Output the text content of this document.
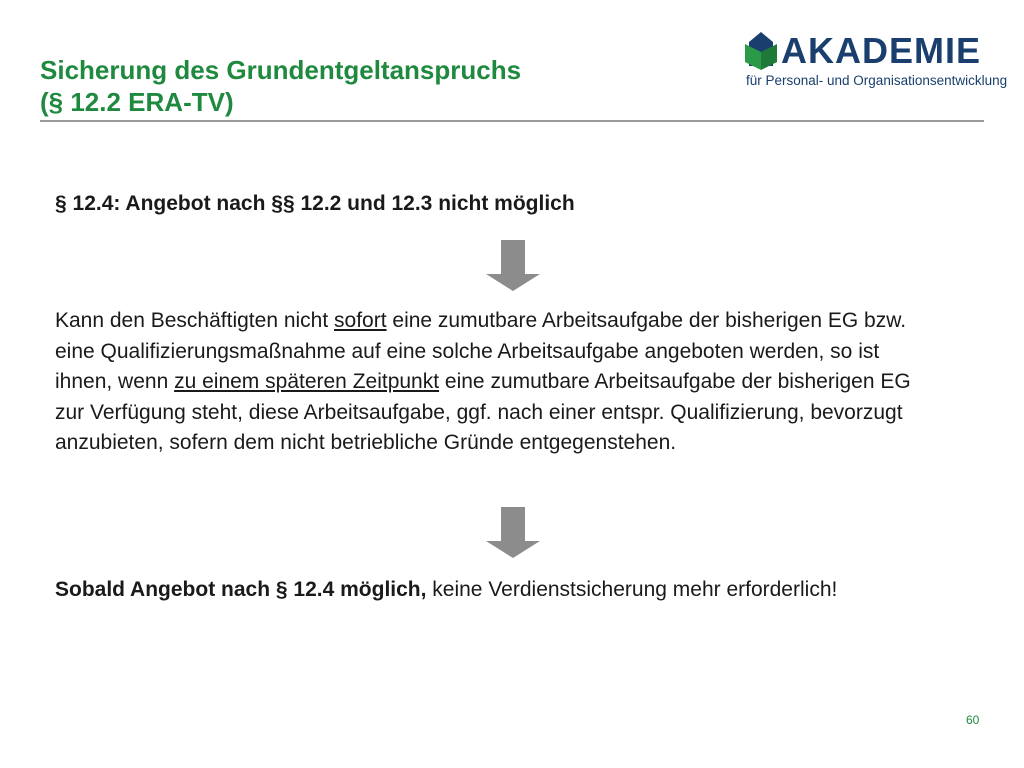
Sicherung des Grundentgeltanspruchs
(§ 12.2 ERA-TV)
AKADEMIE
für Personal- und Organisationsentwicklung

§ 12.4: Angebot nach §§ 12.2 und 12.3 nicht möglich

Kann den Beschäftigten nicht sofort eine zumutbare Arbeitsaufgabe der bisherigen EG bzw. eine Qualifizierungsmaßnahme auf eine solche Arbeitsaufgabe angeboten werden, so ist ihnen, wenn zu einem späteren Zeitpunkt eine zumutbare Arbeitsaufgabe der bisherigen EG zur Verfügung steht, diese Arbeitsaufgabe, ggf. nach einer entspr. Qualifizierung, bevorzugt anzubieten, sofern dem nicht betriebliche Gründe entgegenstehen.

Sobald Angebot nach § 12.4 möglich, keine Verdienstsicherung mehr erforderlich!

60
